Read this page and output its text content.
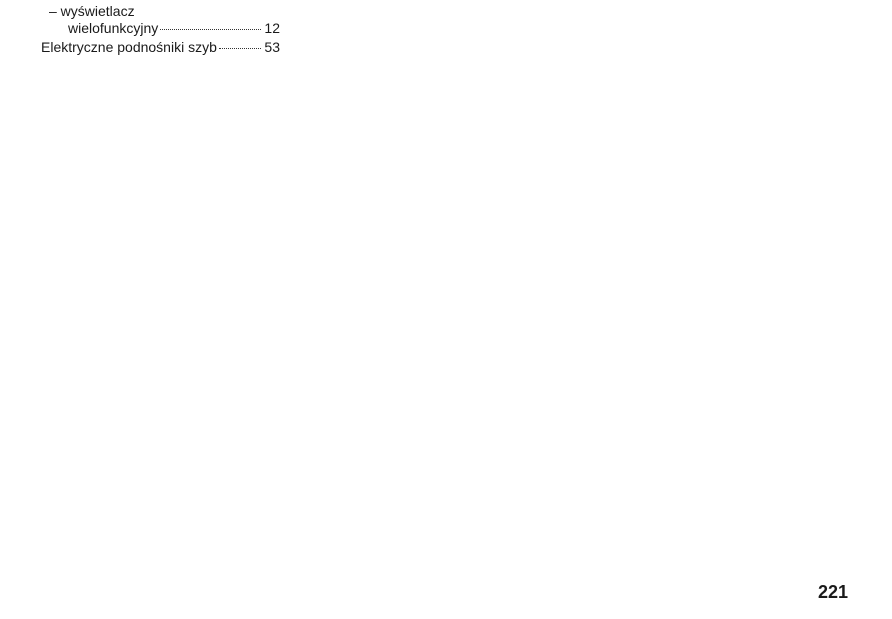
– wyświetlacz
wielofunkcyjny	12
Elektryczne podnośniki szyb	53
221
